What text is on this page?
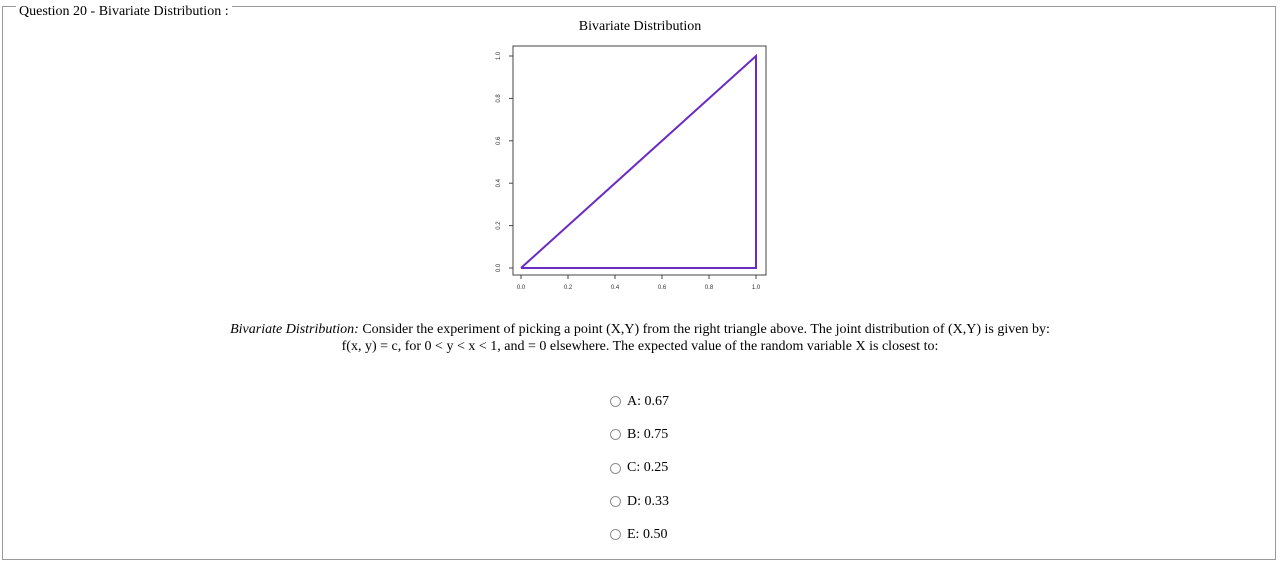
Question 20 - Bivariate Distribution :
Bivariate Distribution
0.0	0.2	0.4	0.6	0.8	1.0
0.0
0.2
0.4
0.6
0.8
1.0
Bivariate Distribution: Consider the experiment of picking a point (X,Y) from the right triangle above. The joint distribution of (X,Y) is given by:
f(x, y) = c, for 0 < y < x < 1, and = 0 elsewhere. The expected value of the random variable X is closest to:
A: 0.67
B: 0.75
C: 0.25
D: 0.33
E: 0.50
